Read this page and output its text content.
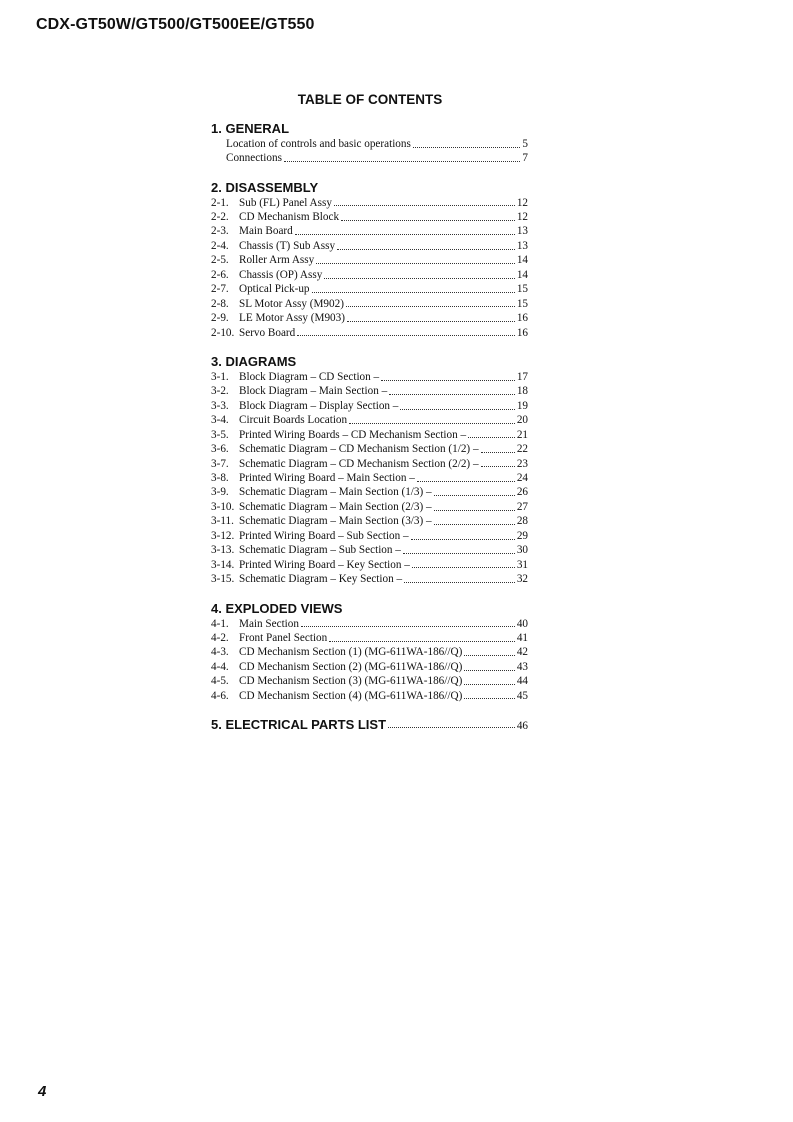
CDX-GT50W/GT500/GT500EE/GT550
TABLE OF CONTENTS
1. GENERAL
Location of controls and basic operations	5
Connections	7
2. DISASSEMBLY
2-1. Sub (FL) Panel Assy	12
2-2. CD Mechanism Block	12
2-3. Main Board	13
2-4. Chassis (T) Sub Assy	13
2-5. Roller Arm Assy	14
2-6. Chassis (OP) Assy	14
2-7. Optical Pick-up	15
2-8. SL Motor Assy (M902)	15
2-9. LE Motor Assy (M903)	16
2-10. Servo Board	16
3. DIAGRAMS
3-1. Block Diagram – CD Section –	17
3-2. Block Diagram – Main Section –	18
3-3. Block Diagram – Display Section –	19
3-4. Circuit Boards Location	20
3-5. Printed Wiring Boards – CD Mechanism Section –	21
3-6. Schematic Diagram – CD Mechanism Section (1/2) –	22
3-7. Schematic Diagram – CD Mechanism Section (2/2) –	23
3-8. Printed Wiring Board – Main Section –	24
3-9. Schematic Diagram – Main Section (1/3) –	26
3-10. Schematic Diagram – Main Section (2/3) –	27
3-11. Schematic Diagram – Main Section (3/3) –	28
3-12. Printed Wiring Board – Sub Section –	29
3-13. Schematic Diagram – Sub Section –	30
3-14. Printed Wiring Board – Key Section –	31
3-15. Schematic Diagram – Key Section –	32
4. EXPLODED VIEWS
4-1. Main Section	40
4-2. Front Panel Section	41
4-3. CD Mechanism Section (1) (MG-611WA-186//Q)	42
4-4. CD Mechanism Section (2) (MG-611WA-186//Q)	43
4-5. CD Mechanism Section (3) (MG-611WA-186//Q)	44
4-6. CD Mechanism Section (4) (MG-611WA-186//Q)	45
5. ELECTRICAL PARTS LIST	46
4
